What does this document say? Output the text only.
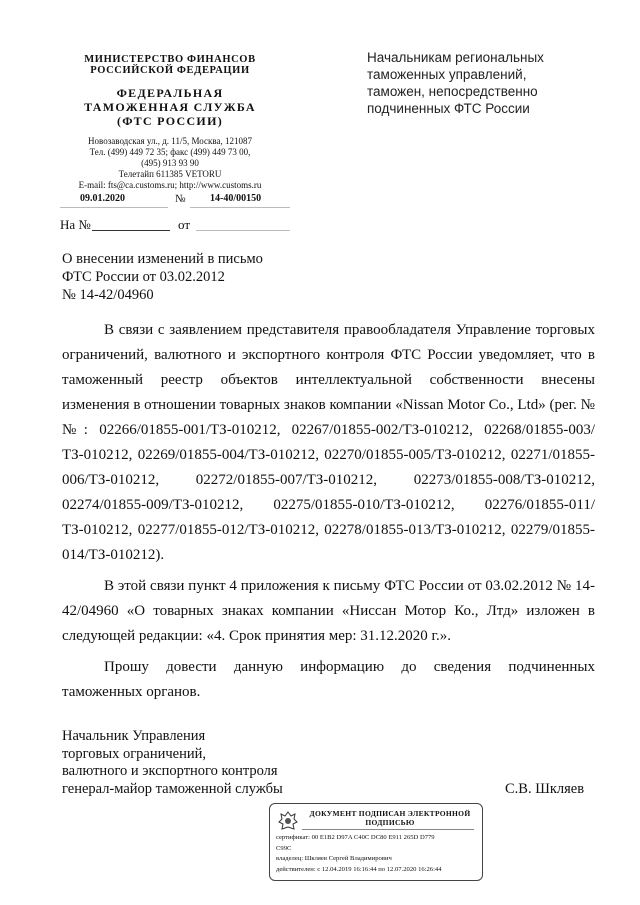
МИНИСТЕРСТВО ФИНАНСОВ
РОССИЙСКОЙ ФЕДЕРАЦИИ
ФЕДЕРАЛЬНАЯ
ТАМОЖЕННАЯ СЛУЖБА
(ФТС РОССИИ)
Новозаводская ул., д. 11/5, Москва, 121087
Тел. (499) 449 72 35; факс (499) 449 73 00,
(495) 913 93 90
Телетайп 611385 VETORU
E-mail: fts@ca.customs.ru; http://www.customs.ru
09.01.2020	№ 14-40/00150
На №	от
Начальникам региональных
таможенных управлений,
таможен, непосредственно
подчиненных ФТС России
О внесении изменений в письмо
ФТС России от 03.02.2012
№ 14-42/04960

В связи с заявлением представителя правообладателя Управление торговых ограничений, валютного и экспортного контроля ФТС России уведомляет, что в таможенный реестр объектов интеллектуальной собственности внесены изменения в отношении товарных знаков компании «Nissan Motor Co., Ltd» (рег. №№: 02266/01855-001/ТЗ-010212, 02267/01855-002/ТЗ-010212, 02268/01855-003/ТЗ-010212, 02269/01855-004/ТЗ-010212, 02270/01855-005/ТЗ-010212, 02271/01855-006/ТЗ-010212, 02272/01855-007/ТЗ-010212, 02273/01855-008/ТЗ-010212, 02274/01855-009/ТЗ-010212, 02275/01855-010/ТЗ-010212, 02276/01855-011/ТЗ-010212, 02277/01855-012/ТЗ-010212, 02278/01855-013/ТЗ-010212, 02279/01855-014/ТЗ-010212).

В этой связи пункт 4 приложения к письму ФТС России от 03.02.2012 № 14-42/04960 «О товарных знаках компании «Ниссан Мотор Ко., Лтд» изложен в следующей редакции: «4. Срок принятия мер: 31.12.2020 г.».

Прошу довести данную информацию до сведения подчиненных таможенных органов.

Начальник Управления
торговых ограничений,
валютного и экспортного контроля
генерал-майор таможенной службы	С.В. Шкляев
ДОКУМЕНТ ПОДПИСАН ЭЛЕКТРОННОЙ
ПОДПИСЬЮ
сертификат: 00 E1B2 D97A C40C DC80 E911 265D D779
C99C
владелец: Шкляев Сергей Владимирович
действителен: с 12.04.2019 16:16:44 по 12.07.2020 16:26:44
